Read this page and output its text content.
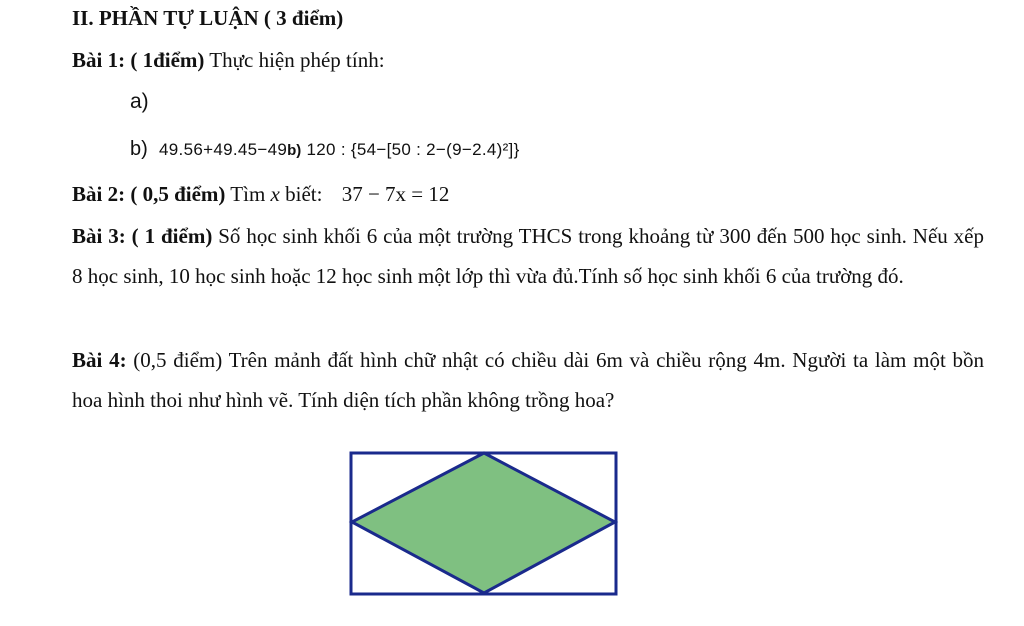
II. PHẦN TỰ LUẬN ( 3 điểm)
Bài 1: ( 1điểm) Thực hiện phép tính:
a)
b) 49.56+49.45−49b) 120 : {54−[50 : 2−(9−2.4)²]}
Bài 2: ( 0,5 điểm) Tìm x biết: 37 − 7x = 12
Bài 3: ( 1 điểm) Số học sinh khối 6 của một trường THCS trong khoảng từ 300 đến 500 học sinh. Nếu xếp 8 học sinh, 10 học sinh hoặc 12 học sinh một lớp thì vừa đủ.Tính số học sinh khối 6 của trường đó.
Bài 4: (0,5 điểm) Trên mảnh đất hình chữ nhật có chiều dài 6m và chiều rộng 4m. Người ta làm một bồn hoa hình thoi như hình vẽ. Tính diện tích phần không trồng hoa?
